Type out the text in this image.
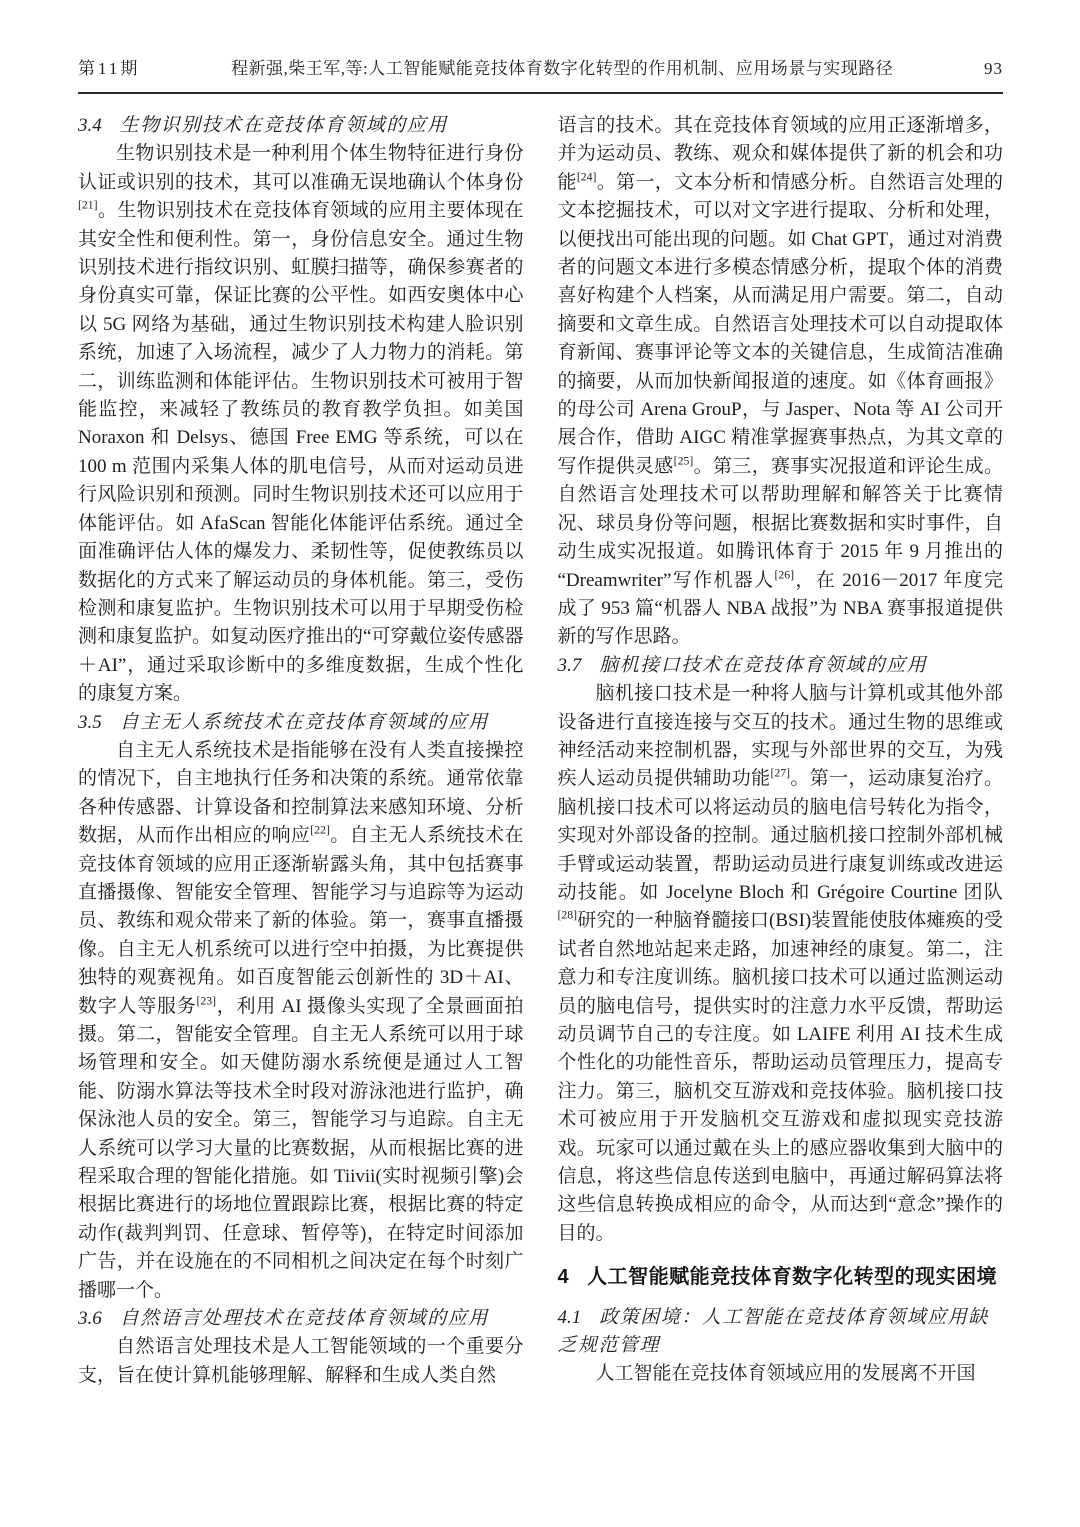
第11期	程新强,柴王军,等:人工智能赋能竞技体育数字化转型的作用机制、应用场景与实现路径	93
3.4 生物识别技术在竞技体育领域的应用

生物识别技术是一种利用个体生物特征进行身份认证或识别的技术，其可以准确无误地确认个体身份[21]。生物识别技术在竞技体育领域的应用主要体现在其安全性和便利性。第一，身份信息安全。通过生物识别技术进行指纹识别、虹膜扫描等，确保参赛者的身份真实可靠，保证比赛的公平性。如西安奥体中心以 5G 网络为基础，通过生物识别技术构建人脸识别系统，加速了入场流程，减少了人力物力的消耗。第二，训练监测和体能评估。生物识别技术可被用于智能监控，来减轻了教练员的教育教学负担。如美国 Noraxon 和 Delsys、德国 Free EMG 等系统，可以在 100 m 范围内采集人体的肌电信号，从而对运动员进行风险识别和预测。同时生物识别技术还可以应用于体能评估。如 AfaScan 智能化体能评估系统。通过全面准确评估人体的爆发力、柔韧性等，促使教练员以数据化的方式来了解运动员的身体机能。第三，受伤检测和康复监护。生物识别技术可以用于早期受伤检测和康复监护。如复动医疗推出的“可穿戴位姿传感器＋AI”，通过采取诊断中的多维度数据，生成个性化的康复方案。

3.5 自主无人系统技术在竞技体育领域的应用

自主无人系统技术是指能够在没有人类直接操控的情况下，自主地执行任务和决策的系统。通常依靠各种传感器、计算设备和控制算法来感知环境、分析数据，从而作出相应的响应[22]。自主无人系统技术在竞技体育领域的应用正逐渐崭露头角，其中包括赛事直播摄像、智能安全管理、智能学习与追踪等为运动员、教练和观众带来了新的体验。第一，赛事直播摄像。自主无人机系统可以进行空中拍摄，为比赛提供独特的观赛视角。如百度智能云创新性的 3D＋AI、数字人等服务[23]，利用 AI 摄像头实现了全景画面拍摄。第二，智能安全管理。自主无人系统可以用于球场管理和安全。如天健防溺水系统便是通过人工智能、防溺水算法等技术全时段对游泳池进行监护，确保泳池人员的安全。第三，智能学习与追踪。自主无人系统可以学习大量的比赛数据，从而根据比赛的进程采取合理的智能化措施。如 Tiivii(实时视频引擎)会根据比赛进行的场地位置跟踪比赛，根据比赛的特定动作(裁判判罚、任意球、暂停等)，在特定时间添加广告，并在设施在的不同相机之间决定在每个时刻广播哪一个。

3.6 自然语言处理技术在竞技体育领域的应用

自然语言处理技术是人工智能领域的一个重要分支，旨在使计算机能够理解、解释和生成人类自然

语言的技术。其在竞技体育领域的应用正逐渐增多，并为运动员、教练、观众和媒体提供了新的机会和功能[24]。第一，文本分析和情感分析。自然语言处理的文本挖掘技术，可以对文字进行提取、分析和处理，以便找出可能出现的问题。如 Chat GPT，通过对消费者的问题文本进行多模态情感分析，提取个体的消费喜好构建个人档案，从而满足用户需要。第二，自动摘要和文章生成。自然语言处理技术可以自动提取体育新闻、赛事评论等文本的关键信息，生成简洁准确的摘要，从而加快新闻报道的速度。如《体育画报》的母公司 Arena GrouP，与 Jasper、Nota 等 AI 公司开展合作，借助 AIGC 精准掌握赛事热点，为其文章的写作提供灵感[25]。第三，赛事实况报道和评论生成。自然语言处理技术可以帮助理解和解答关于比赛情况、球员身份等问题，根据比赛数据和实时事件，自动生成实况报道。如腾讯体育于 2015 年 9 月推出的“Dreamwriter”写作机器人[26]，在 2016－2017 年度完成了 953 篇“机器人 NBA 战报”为 NBA 赛事报道提供新的写作思路。

3.7 脑机接口技术在竞技体育领域的应用

脑机接口技术是一种将人脑与计算机或其他外部设备进行直接连接与交互的技术。通过生物的思维或神经活动来控制机器，实现与外部世界的交互，为残疾人运动员提供辅助功能[27]。第一，运动康复治疗。脑机接口技术可以将运动员的脑电信号转化为指令，实现对外部设备的控制。通过脑机接口控制外部机械手臂或运动装置，帮助运动员进行康复训练或改进运动技能。如 Jocelyne Bloch 和 Grégoire Courtine 团队[28]研究的一种脑脊髓接口(BSI)装置能使肢体瘫痪的受试者自然地站起来走路，加速神经的康复。第二，注意力和专注度训练。脑机接口技术可以通过监测运动员的脑电信号，提供实时的注意力水平反馈，帮助运动员调节自己的专注度。如 LAIFE 利用 AI 技术生成个性化的功能性音乐，帮助运动员管理压力，提高专注力。第三，脑机交互游戏和竞技体验。脑机接口技术可被应用于开发脑机交互游戏和虚拟现实竞技游戏。玩家可以通过戴在头上的感应器收集到大脑中的信息，将这些信息传送到电脑中，再通过解码算法将这些信息转换成相应的命令，从而达到“意念”操作的目的。

4 人工智能赋能竞技体育数字化转型的现实困境
4.1 政策困境：人工智能在竞技体育领域应用缺乏规范管理

人工智能在竞技体育领域应用的发展离不开国
